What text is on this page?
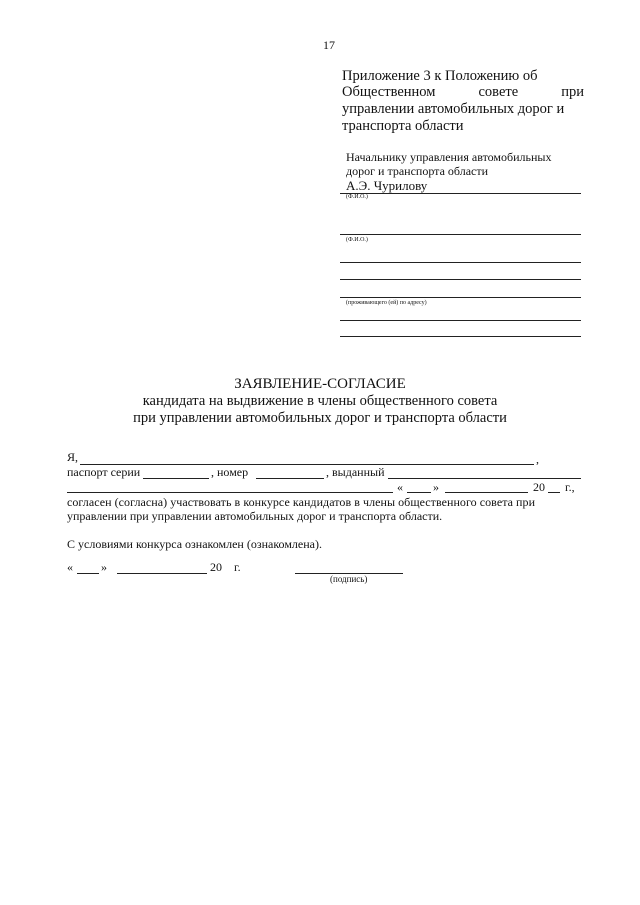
17
Приложение 3 к Положению об
Общественном	совете	при
управлении автомобильных дорог и
транспорта области
Начальнику управления автомобильных
дорог и транспорта области
А.Э. Чурилову
(Ф.И.О.)
(Ф.И.О.)
(проживающего (ей) по адресу)
ЗАЯВЛЕНИЕ-СОГЛАСИЕ
кандидата на выдвижение в члены общественного совета
при управлении автомобильных дорог и транспорта области
Я,	,
паспорт серии	, номер	, выданный
«	»	20 г.,
согласен (согласна) участвовать в конкурсе кандидатов в члены общественного совета при
управлении при управлении автомобильных дорог и транспорта области.
С условиями конкурса ознакомлен (ознакомлена).
« »	20 г.
(подпись)
